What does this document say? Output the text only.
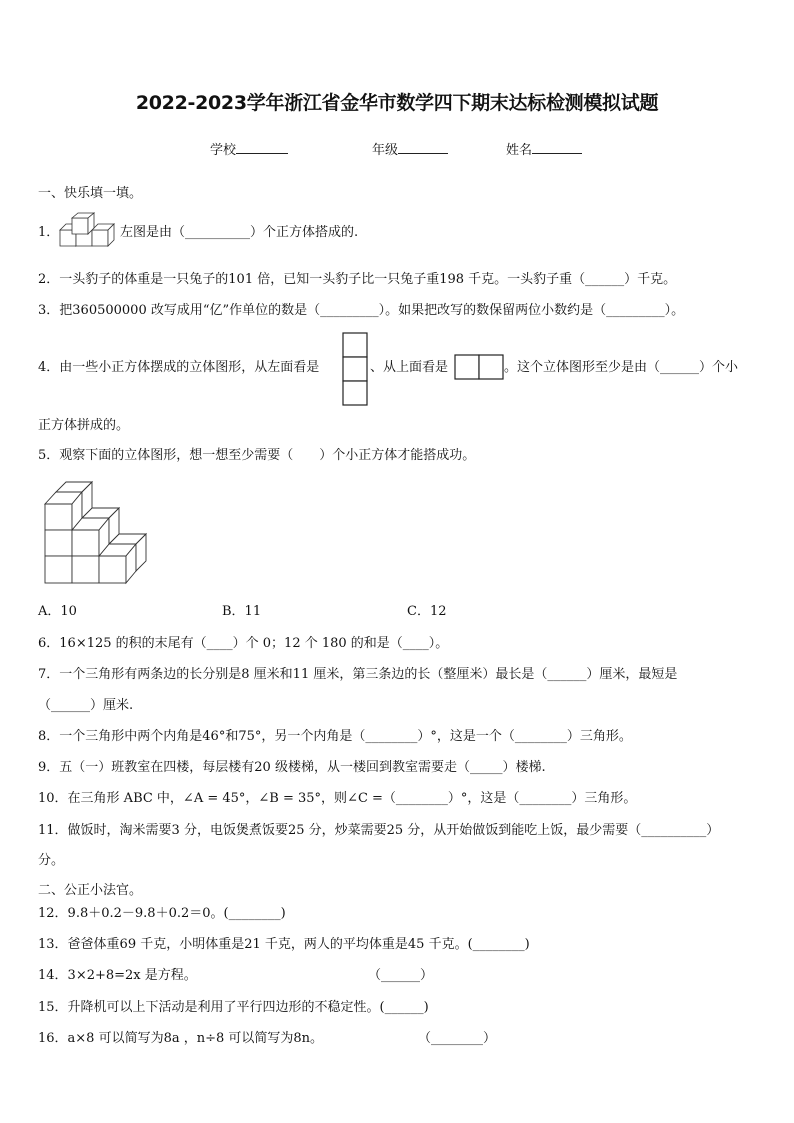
2022-2023学年浙江省金华市数学四下期末达标检测模拟试题
学校	年级	姓名
一、快乐填一填。
1．	左图是由（__________）个正方体搭成的.
2．一头豹子的体重是一只兔子的101 倍，已知一头豹子比一只兔子重198 千克。一头豹子重（______）千克。
3．把360500000 改写成用“亿”作单位的数是（_________）。如果把改写的数保留两位小数约是（_________）。
4．由一些小正方体摆成的立体图形，从左面看是	、从上面看是	。这个立体图形至少是由（______）个小
正方体拼成的。
5．观察下面的立体图形，想一想至少需要（　　）个小正方体才能搭成功。
A．10	B．11	C．12
6．16×125 的积的末尾有（____）个 0；12 个 180 的和是（____）。
7．一个三角形有两条边的长分别是8 厘米和11 厘米，第三条边的长（整厘米）最长是（______）厘米，最短是
（______）厘米.
8．一个三角形中两个内角是46°和75°，另一个内角是（________）°，这是一个（________）三角形。
9．五（一）班教室在四楼，每层楼有20 级楼梯，从一楼回到教室需要走（_____）楼梯.
10．在三角形 ABC 中，∠A = 45°，∠B = 35°，则∠C =（________）°，这是（________）三角形。
11．做饭时，淘米需要3 分，电饭煲煮饭要25 分，炒菜需要25 分，从开始做饭到能吃上饭，最少需要（__________）
分。
二、公正小法官。
12．9.8＋0.2－9.8＋0.2＝0。(________)
13．爸爸体重69 千克，小明体重是21 千克，两人的平均体重是45 千克。(________)
14．3×2+8=2x 是方程。	（______）
15．升降机可以上下活动是利用了平行四边形的不稳定性。(______)
16．a×8 可以简写为8a ，n÷8 可以简写为8n。	（________）
